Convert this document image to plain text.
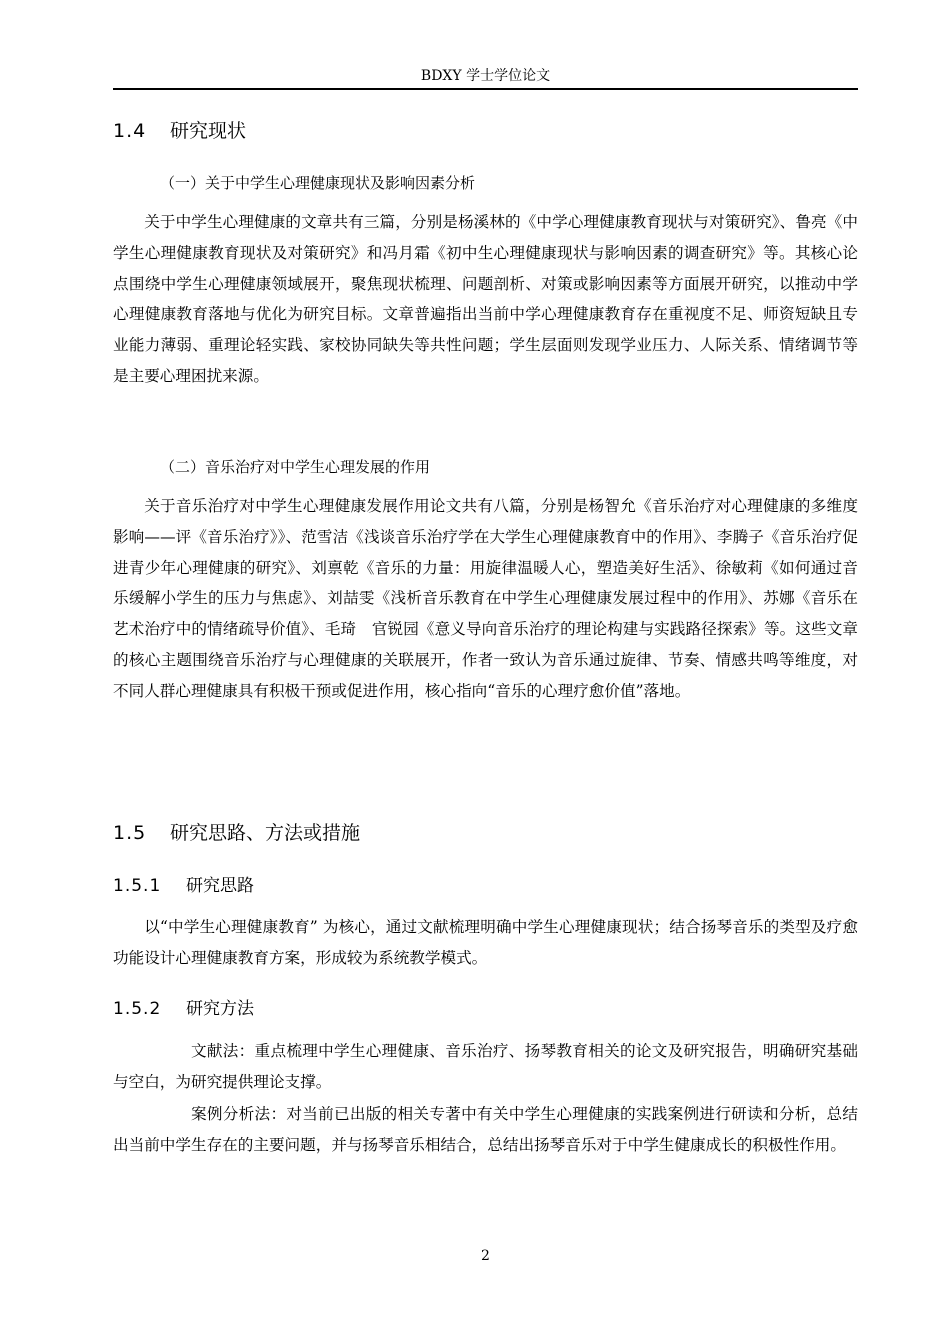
BDXY 学士学位论文
1.4 研究现状
（一）关于中学生心理健康现状及影响因素分析

关于中学生心理健康的文章共有三篇，分别是杨溪林的《中学心理健康教育现状与对策研究》、鲁亮《中学生心理健康教育现状及对策研究》和冯月霜《初中生心理健康现状与影响因素的调查研究》等。其核心论点围绕中学生心理健康领域展开，聚焦现状梳理、问题剖析、对策或影响因素等方面展开研究，以推动中学心理健康教育落地与优化为研究目标。文章普遍指出当前中学心理健康教育存在重视度不足、师资短缺且专业能力薄弱、重理论轻实践、家校协同缺失等共性问题；学生层面则发现学业压力、人际关系、情绪调节等是主要心理困扰来源。

（二）音乐治疗对中学生心理发展的作用

关于音乐治疗对中学生心理健康发展作用论文共有八篇，分别是杨智允《音乐治疗对心理健康的多维度影响——评《音乐治疗》》、范雪洁《浅谈音乐治疗学在大学生心理健康教育中的作用》、李腾子《音乐治疗促进青少年心理健康的研究》、刘禀乾《音乐的力量：用旋律温暖人心，塑造美好生活》、徐敏莉《如何通过音乐缓解小学生的压力与焦虑》、刘喆雯《浅析音乐教育在中学生心理健康发展过程中的作用》、苏娜《音乐在艺术治疗中的情绪疏导价值》、毛琦　官锐园《意义导向音乐治疗的理论构建与实践路径探索》等。这些文章的核心主题围绕音乐治疗与心理健康的关联展开，作者一致认为音乐通过旋律、节奏、情感共鸣等维度，对不同人群心理健康具有积极干预或促进作用，核心指向“音乐的心理疗愈价值”落地。

1.5 研究思路、方法或措施
1.5.1 研究思路

以“中学生心理健康教育” 为核心，通过文献梳理明确中学生心理健康现状；结合扬琴音乐的类型及疗愈功能设计心理健康教育方案，形成较为系统教学模式。

1.5.2 研究方法

文献法：重点梳理中学生心理健康、音乐治疗、扬琴教育相关的论文及研究报告，明确研究基础与空白，为研究提供理论支撑。

案例分析法：对当前已出版的相关专著中有关中学生心理健康的实践案例进行研读和分析，总结出当前中学生存在的主要问题，并与扬琴音乐相结合，总结出扬琴音乐对于中学生健康成长的积极性作用。

2
